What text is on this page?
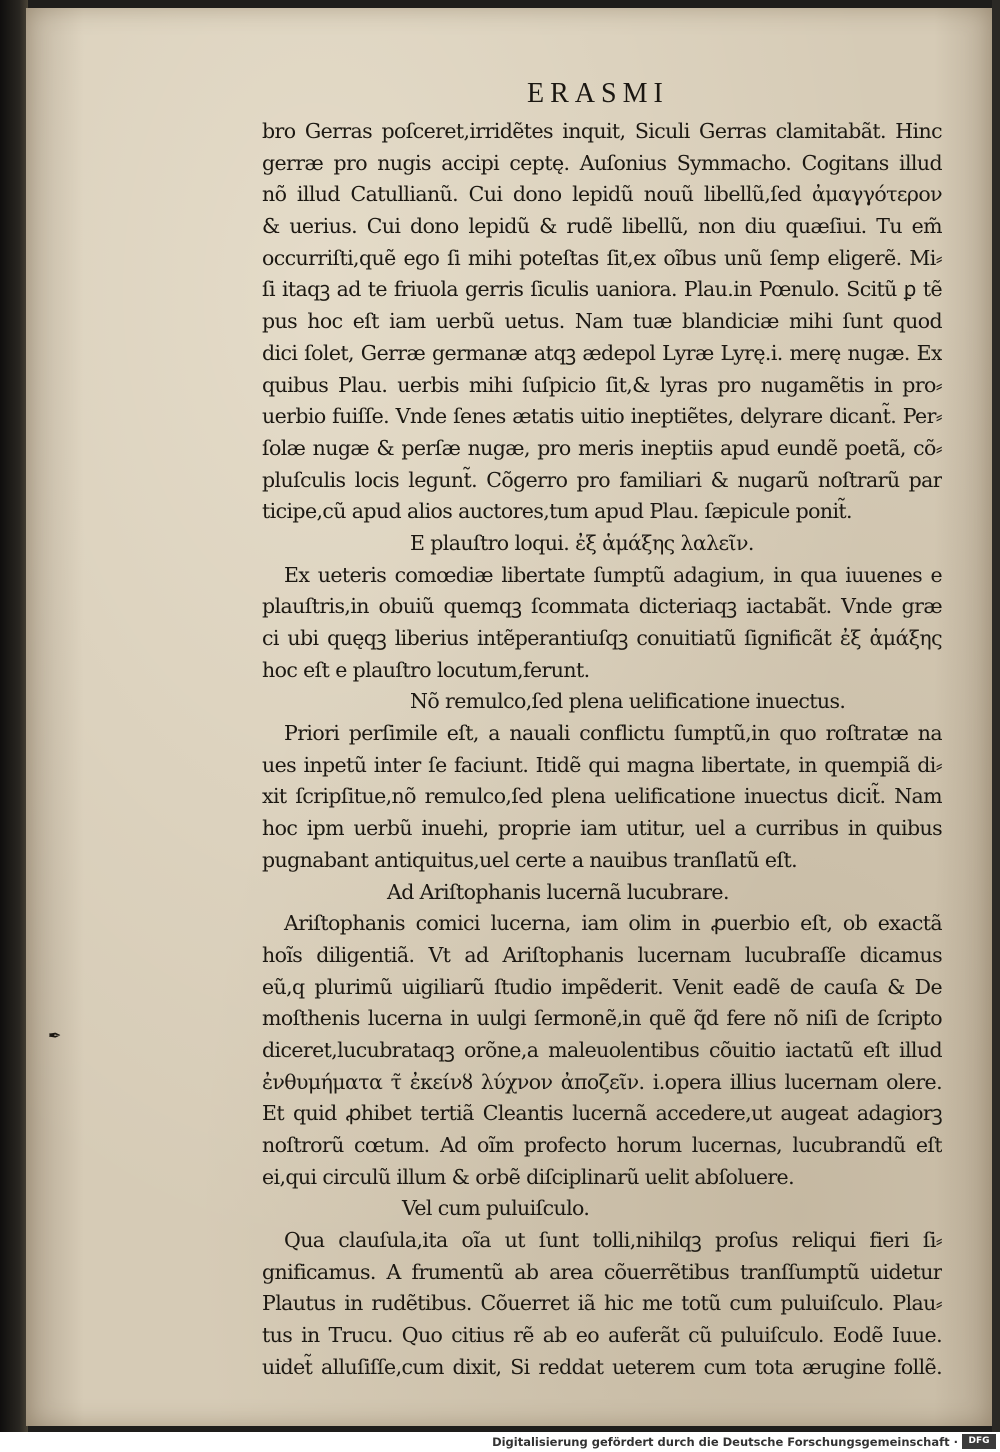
ERASMI
bro Gerras poſceret,irridẽtes inquit, Siculi Gerras clamitabãt. Hinc
gerræ pro nugis accipi ceptę. Auſonius Symmacho. Cogitans illud
nõ illud Catullianũ. Cui dono lepidũ nouũ libellũ,ſed ἀμαγγότερον
& uerius. Cui dono lepidũ & rudẽ libellũ, non diu quæſiui. Tu em̃
occurriſti,quẽ ego ſi mihi poteſtas ſit,ex oĩbus unũ ſemp eligerẽ. Mi⸗
ſi itaqꝫ ad te friuola gerris ſiculis uaniora. Plau.in Pœnulo. Scitũ ꝑ tẽ
pus hoc eſt iam uerbũ uetus. Nam tuæ blandiciæ mihi ſunt quod
dici ſolet, Gerræ germanæ atqꝫ ædepol Lyræ Lyrę.i. merę nugæ. Ex
quibus Plau. uerbis mihi ſuſpicio ſit,& lyras pro nugamẽtis in pro⸗
uerbio fuiſſe. Vnde ſenes ætatis uitio ineptiẽtes, delyrare dicant̃. Per⸗
ſolæ nugæ & perſæ nugæ, pro meris ineptiis apud eundẽ poetã, cõ⸗
pluſculis locis legunt̃. Cõgerro pro familiari & nugarũ noſtrarũ par
ticipe,cũ apud alios auctores,tum apud Plau. ſæpicule ponit̃.
E plauſtro loqui. ἐξ ἁμάξης λαλεῖν.
Ex ueteris comœdiæ libertate ſumptũ adagium, in qua iuuenes e
plauſtris,in obuiũ quemqꝫ ſcommata dicteriaqꝫ iactabãt. Vnde græ
ci ubi quęqꝫ liberius intẽperantiuſqꝫ conuitiatũ ſignificãt ἐξ ἁμάξης
hoc eſt e plauſtro locutum,ferunt.
Nõ remulco,ſed plena uelificatione inuectus.
Priori perſimile eſt, a nauali conflictu ſumptũ,in quo roſtratæ na
ues inpetũ inter ſe faciunt. Itidẽ qui magna libertate, in quempiã di⸗
xit ſcripſitue,nõ remulco,ſed plena uelificatione inuectus dicit̃. Nam
hoc ipm uerbũ inuehi, proprie iam utitur, uel a curribus in quibus
pugnabant antiquitus,uel certe a nauibus tranſlatũ eſt.
Ad Ariſtophanis lucernã lucubrare.
Ariſtophanis comici lucerna, iam olim in ꝓuerbio eſt, ob exactã
hoĩs diligentiã. Vt ad Ariſtophanis lucernam lucubraſſe dicamus
eũ,q plurimũ uigiliarũ ſtudio impẽderit. Venit eadẽ de cauſa & De
moſthenis lucerna in uulgi ſermonẽ,in quẽ q̃d fere nõ niſi de ſcripto
diceret,lucubrataqꝫ orõne,a maleuolentibus cõuitio iactatũ eſt illud
ἐνθυμήματα τ̃ ἐκείνȣ λύχνον ἀποζεῖν. i.opera illius lucernam olere.
Et quid ꝓhibet tertiã Cleantis lucernã accedere,ut augeat adagiorꝫ
noſtrorũ cœtum. Ad oĩm profecto horum lucernas, lucubrandũ eſt
ei,qui circulũ illum & orbẽ diſciplinarũ uelit abſoluere.
Vel cum puluiſculo.
Qua clauſula,ita oĩa ut ſunt tolli,nihilqꝫ proſus reliqui fieri ſi⸗
gnificamus. A frumentũ ab area cõuerrẽtibus tranſſumptũ uidetur
Plautus in rudẽtibus. Cõuerret iã hic me totũ cum puluiſculo. Plau⸗
tus in Trucu. Quo citius rẽ ab eo auferãt cũ puluiſculo. Eodẽ Iuue.
uidet̃ alluſiſſe,cum dixit, Si reddat ueterem cum tota ærugine follẽ.
✒
Digitalisierung gefördert durch die Deutsche Forschungsgemeinschaft ·	DFG
